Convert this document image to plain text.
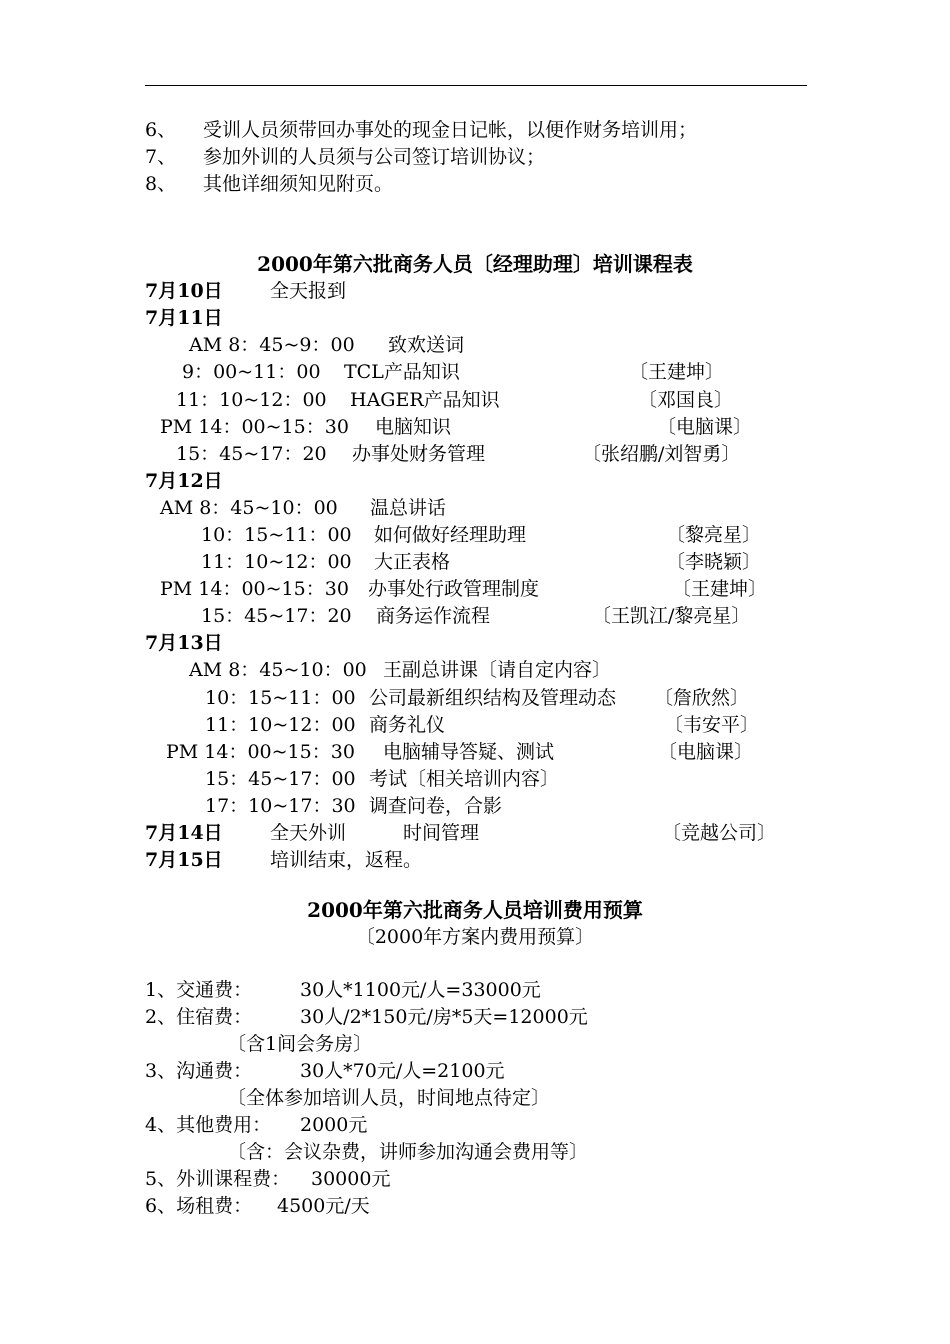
6、 受训人员须带回办事处的现金日记帐，以便作财务培训用；
7、 参加外训的人员须与公司签订培训协议；
8、 其他详细须知见附页。
2000年第六批商务人员〔经理助理〕培训课程表
7月10日 全天报到
7月11日
AM 8：45~9：00 致欢送词
9：00~11：00 TCL产品知识	〔王建坤〕
11：10~12：00 HAGER产品知识	〔邓国良〕
PM 14：00~15：30 电脑知识	〔电脑课〕
15：45~17：20 办事处财务管理	〔张绍鹏/刘智勇〕
7月12日
AM 8：45~10：00 温总讲话
10：15~11：00 如何做好经理助理	〔黎亮星〕
11：10~12：00 大正表格	〔李晓颖〕
PM 14：00~15：30 办事处行政管理制度	〔王建坤〕
15：45~17：20 商务运作流程	〔王凯江/黎亮星〕
7月13日
AM 8：45~10：00 王副总讲课〔请自定内容〕
10：15~11：00 公司最新组织结构及管理动态 〔詹欣然〕
11：10~12：00 商务礼仪	〔韦安平〕
PM 14：00~15：30 电脑辅导答疑、测试	〔电脑课〕
15：45~17：00 考试〔相关培训内容〕
17：10~17：30 调查问卷，合影
7月14日 全天外训	时间管理	〔竞越公司〕
7月15日 培训结束，返程。
2000年第六批商务人员培训费用预算
〔2000年方案内费用预算〕
1、交通费：	30人*1100元/人=33000元
2、住宿费：	30人/2*150元/房*5天=12000元
〔含1间会务房〕
3、沟通费：	30人*70元/人=2100元
〔全体参加培训人员，时间地点待定〕
4、其他费用： 2000元
〔含：会议杂费，讲师参加沟通会费用等〕
5、外训课程费： 30000元
6、场租费： 4500元/天
